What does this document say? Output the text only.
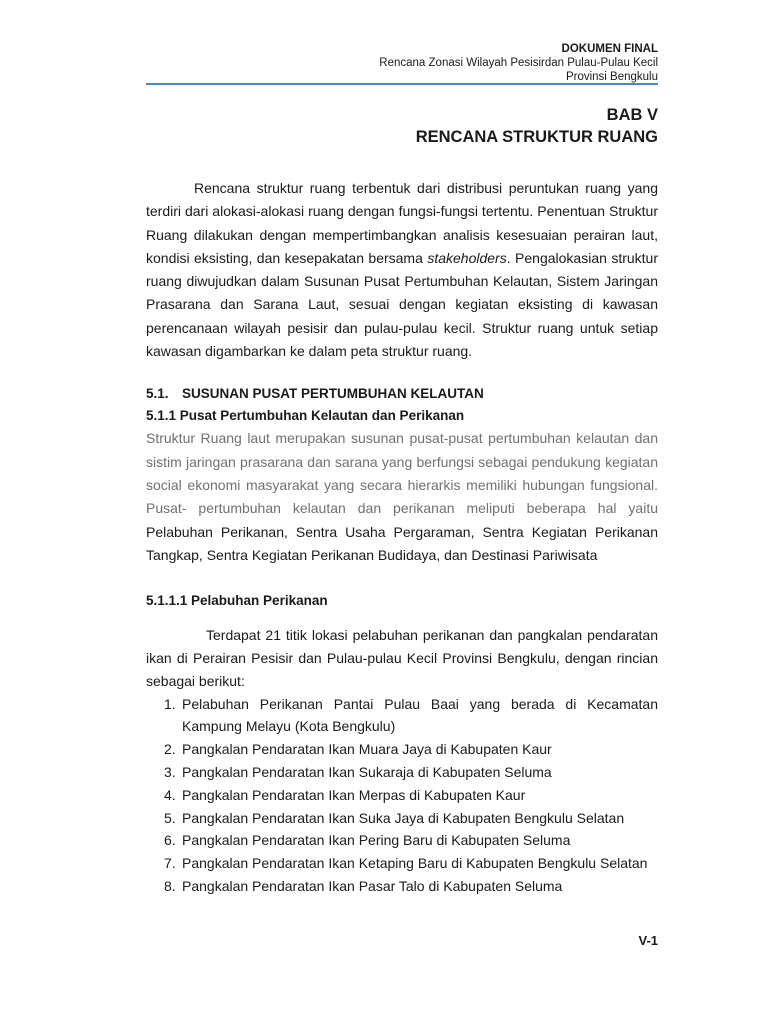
DOKUMEN FINAL
Rencana Zonasi Wilayah Pesisirdan Pulau-Pulau Kecil
Provinsi Bengkulu
BAB V
RENCANA STRUKTUR RUANG

Rencana struktur ruang terbentuk dari distribusi peruntukan ruang yang terdiri dari alokasi-alokasi ruang dengan fungsi-fungsi tertentu. Penentuan Struktur Ruang dilakukan dengan mempertimbangkan analisis kesesuaian perairan laut, kondisi eksisting, dan kesepakatan bersama stakeholders. Pengalokasian struktur ruang diwujudkan dalam Susunan Pusat Pertumbuhan Kelautan, Sistem Jaringan Prasarana dan Sarana Laut, sesuai dengan kegiatan eksisting di kawasan perencanaan wilayah pesisir dan pulau-pulau kecil. Struktur ruang untuk setiap kawasan digambarkan ke dalam peta struktur ruang.

5.1. SUSUNAN PUSAT PERTUMBUHAN KELAUTAN
5.1.1 Pusat Pertumbuhan Kelautan dan Perikanan

Struktur Ruang laut merupakan susunan pusat-pusat pertumbuhan kelautan dan sistim jaringan prasarana dan sarana yang berfungsi sebagai pendukung kegiatan social ekonomi masyarakat yang secara hierarkis memiliki hubungan fungsional. Pusat- pertumbuhan kelautan dan perikanan meliputi beberapa hal yaitu Pelabuhan Perikanan, Sentra Usaha Pergaraman, Sentra Kegiatan Perikanan Tangkap, Sentra Kegiatan Perikanan Budidaya, dan Destinasi Pariwisata

5.1.1.1 Pelabuhan Perikanan

Terdapat 21 titik lokasi pelabuhan perikanan dan pangkalan pendaratan ikan di Perairan Pesisir dan Pulau-pulau Kecil Provinsi Bengkulu, dengan rincian sebagai berikut:

1. Pelabuhan Perikanan Pantai Pulau Baai yang berada di Kecamatan Kampung Melayu (Kota Bengkulu)
2. Pangkalan Pendaratan Ikan Muara Jaya di Kabupaten Kaur
3. Pangkalan Pendaratan Ikan Sukaraja di Kabupaten Seluma
4. Pangkalan Pendaratan Ikan Merpas di Kabupaten Kaur
5. Pangkalan Pendaratan Ikan Suka Jaya di Kabupaten Bengkulu Selatan
6. Pangkalan Pendaratan Ikan Pering Baru di Kabupaten Seluma
7. Pangkalan Pendaratan Ikan Ketaping Baru di Kabupaten Bengkulu Selatan
8. Pangkalan Pendaratan Ikan Pasar Talo di Kabupaten Seluma
V-1
